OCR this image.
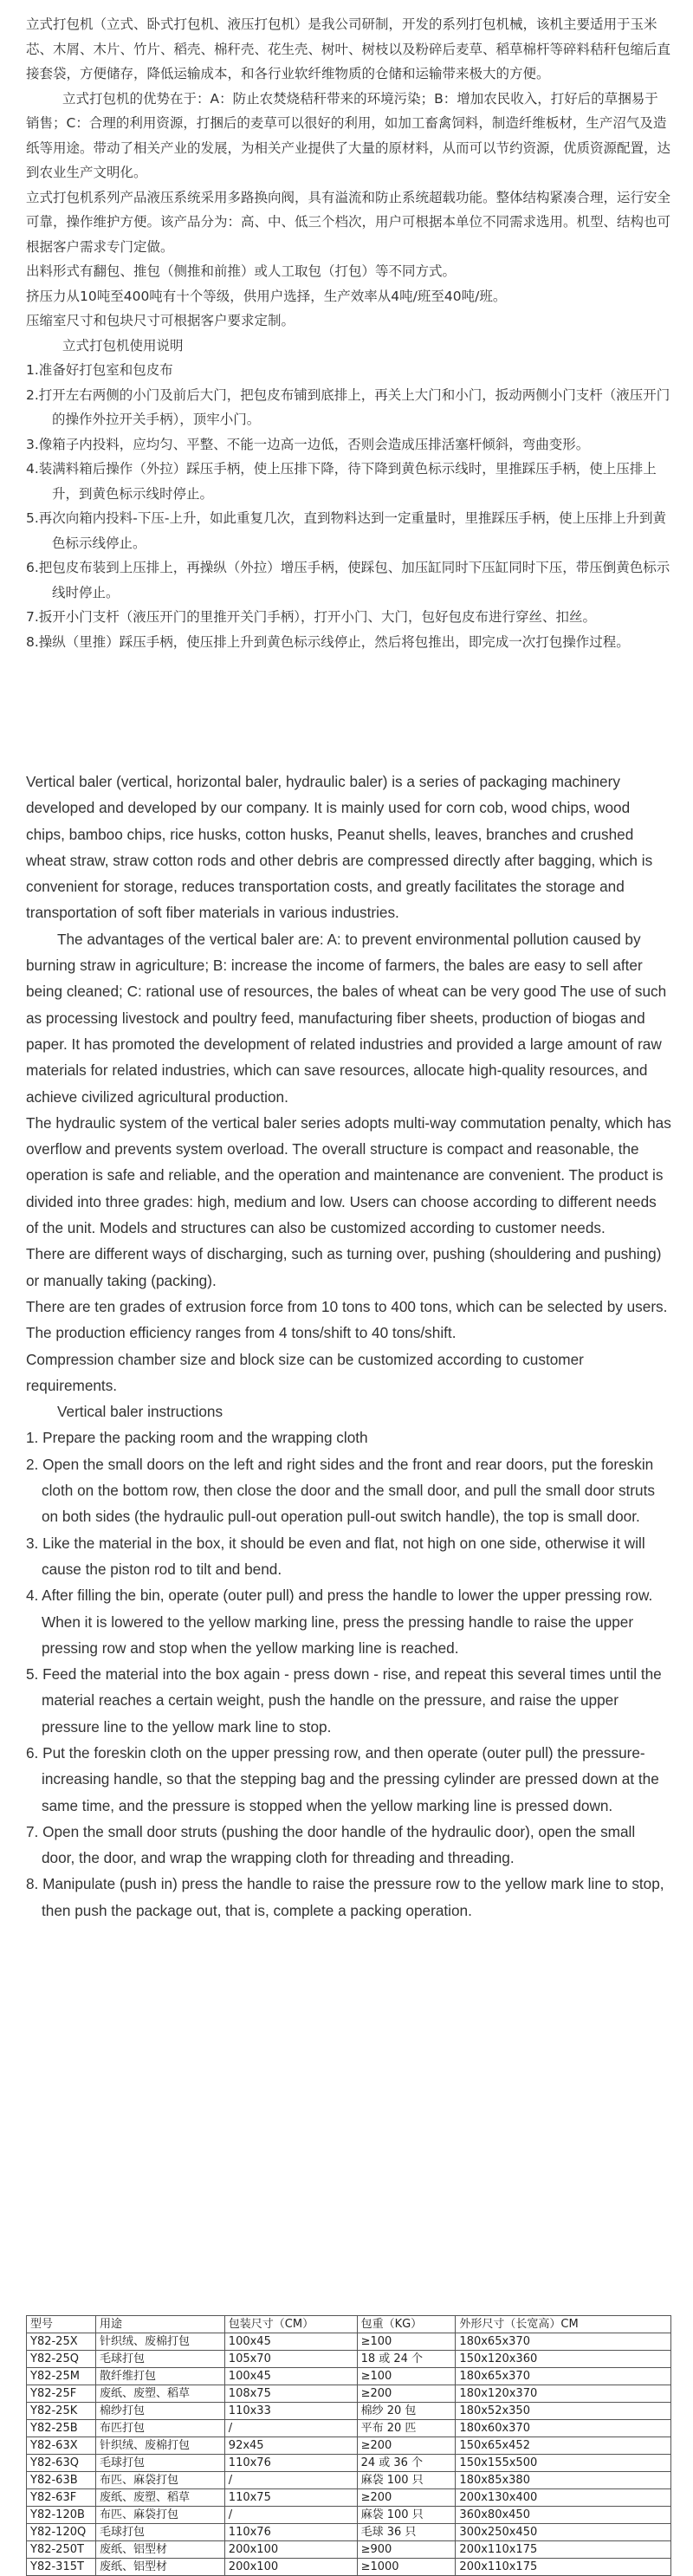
立式打包机（立式、卧式打包机、液压打包机）是我公司研制，开发的系列打包机械，该机主要适用于玉米芯、木屑、木片、竹片、稻壳、棉秆壳、花生壳、树叶、树枝以及粉碎后麦草、稻草棉杆等碎料秸秆包缩后直接套袋，方便储存，降低运输成本，和各行业软纤维物质的仓储和运输带来极大的方便。

立式打包机的优势在于：A：防止农焚烧秸秆带来的环境污染；B：增加农民收入，打好后的草捆易于销售；C：合理的利用资源，打捆后的麦草可以很好的利用，如加工畜禽饲料，制造纤维板材，生产沼气及造纸等用途。带动了相关产业的发展，为相关产业提供了大量的原材料，从而可以节约资源，优质资源配置，达到农业生产文明化。

立式打包机系列产品液压系统采用多路换向阀，具有溢流和防止系统超载功能。整体结构紧凑合理，运行安全可靠，操作维护方便。该产品分为：高、中、低三个档次，用户可根据本单位不同需求选用。机型、结构也可根据客户需求专门定做。

出料形式有翻包、推包（侧推和前推）或人工取包（打包）等不同方式。

挤压力从10吨至400吨有十个等级，供用户选择，生产效率从4吨/班至40吨/班。

压缩室尺寸和包块尺寸可根据客户要求定制。

立式打包机使用说明

1.准备好打包室和包皮布

2.打开左右两侧的小门及前后大门，把包皮布铺到底排上，再关上大门和小门，扳动两侧小门支杆（液压开门的操作外拉开关手柄），顶牢小门。

3.像箱子内投料，应均匀、平整、不能一边高一边低，否则会造成压排活塞杆倾斜，弯曲变形。

4.装满料箱后操作（外拉）踩压手柄，使上压排下降，待下降到黄色标示线时，里推踩压手柄，使上压排上升，到黄色标示线时停止。

5.再次向箱内投料-下压-上升，如此重复几次，直到物料达到一定重量时，里推踩压手柄，使上压排上升到黄色标示线停止。

6.把包皮布装到上压排上，再操纵（外拉）增压手柄，使踩包、加压缸同时下压缸同时下压，带压倒黄色标示线时停止。

7.扳开小门支杆（液压开门的里推开关门手柄），打开小门、大门，包好包皮布进行穿丝、扣丝。

8.操纵（里推）踩压手柄，使压排上升到黄色标示线停止，然后将包推出，即完成一次打包操作过程。

Vertical baler (vertical, horizontal baler, hydraulic baler) is a series of packaging machinery developed and developed by our company. It is mainly used for corn cob, wood chips, wood chips, bamboo chips, rice husks, cotton husks, Peanut shells, leaves, branches and crushed wheat straw, straw cotton rods and other debris are compressed directly after bagging, which is convenient for storage, reduces transportation costs, and greatly facilitates the storage and transportation of soft fiber materials in various industries.

The advantages of the vertical baler are: A: to prevent environmental pollution caused by burning straw in agriculture; B: increase the income of farmers, the bales are easy to sell after being cleaned; C: rational use of resources, the bales of wheat can be very good The use of such as processing livestock and poultry feed, manufacturing fiber sheets, production of biogas and paper. It has promoted the development of related industries and provided a large amount of raw materials for related industries, which can save resources, allocate high-quality resources, and achieve civilized agricultural production.

The hydraulic system of the vertical baler series adopts multi-way commutation penalty, which has overflow and prevents system overload. The overall structure is compact and reasonable, the operation is safe and reliable, and the operation and maintenance are convenient. The product is divided into three grades: high, medium and low. Users can choose according to different needs of the unit. Models and structures can also be customized according to customer needs.

There are different ways of discharging, such as turning over, pushing (shouldering and pushing) or manually taking (packing).

There are ten grades of extrusion force from 10 tons to 400 tons, which can be selected by users. The production efficiency ranges from 4 tons/shift to 40 tons/shift.

Compression chamber size and block size can be customized according to customer requirements.

Vertical baler instructions

1. Prepare the packing room and the wrapping cloth

2. Open the small doors on the left and right sides and the front and rear doors, put the foreskin cloth on the bottom row, then close the door and the small door, and pull the small door struts on both sides (the hydraulic pull-out operation pull-out switch handle), the top is small door.

3. Like the material in the box, it should be even and flat, not high on one side, otherwise it will cause the piston rod to tilt and bend.

4. After filling the bin, operate (outer pull) and press the handle to lower the upper pressing row. When it is lowered to the yellow marking line, press the pressing handle to raise the upper pressing row and stop when the yellow marking line is reached.

5. Feed the material into the box again - press down - rise, and repeat this several times until the material reaches a certain weight, push the handle on the pressure, and raise the upper pressure line to the yellow mark line to stop.

6. Put the foreskin cloth on the upper pressing row, and then operate (outer pull) the pressure-increasing handle, so that the stepping bag and the pressing cylinder are pressed down at the same time, and the pressure is stopped when the yellow marking line is pressed down.

7. Open the small door struts (pushing the door handle of the hydraulic door), open the small door, the door, and wrap the wrapping cloth for threading and threading.

8. Manipulate (push in) press the handle to raise the pressure row to the yellow mark line to stop, then push the package out, that is, complete a packing operation.

型号	用途	包装尺寸（CM）	包重（KG）	外形尺寸（长宽高）CM
Y82-25X	针织绒、废棉打包	100x45	≥100	180x65x370
Y82-25Q	毛球打包	105x70	18 或 24 个	150x120x360
Y82-25M	散纤维打包	100x45	≥100	180x65x370
Y82-25F	废纸、废塑、稻草	108x75	≥200	180x120x370
Y82-25K	棉纱打包	110x33	棉纱 20 包	180x52x350
Y82-25B	布匹打包	/	平布 20 匹	180x60x370
Y82-63X	针织绒、废棉打包	92x45	≥200	150x65x452
Y82-63Q	毛球打包	110x76	24 或 36 个	150x155x500
Y82-63B	布匹、麻袋打包	/	麻袋 100 只	180x85x380
Y82-63F	废纸、废塑、稻草	110x75	≥200	200x130x400
Y82-120B	布匹、麻袋打包	/	麻袋 100 只	360x80x450
Y82-120Q	毛球打包	110x76	毛球 36 只	300x250x450
Y82-250T	废纸、铝型材	200x100	≥900	200x110x175
Y82-315T	废纸、铝型材	200x100	≥1000	200x110x175
